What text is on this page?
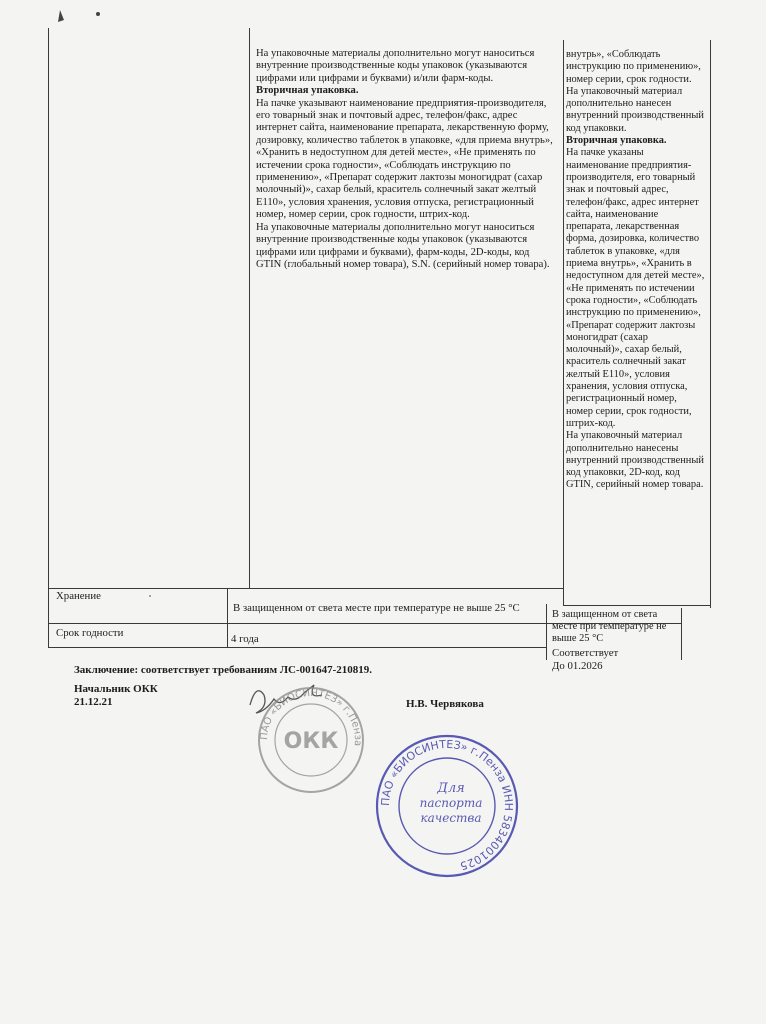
На упаковочные материалы дополнительно могут наноситься внутренние производственные коды упаковок (указываются цифрами или цифрами и буквами) и/или фарм-коды.

Вторичная упаковка.

На пачке указывают наименование предприятия-производителя, его товарный знак и почтовый адрес, телефон/факс, адрес интернет сайта, наименование препарата, лекарственную форму, дозировку, количество таблеток в упаковке, «для приема внутрь», «Хранить в недоступном для детей месте», «Не применять по истечении срока годности», «Соблюдать инструкцию по применению», «Препарат содержит лактозы моногидрат (сахар молочный)», сахар белый, краситель солнечный закат желтый Е110», условия хранения, условия отпуска, регистрационный номер, номер серии, срок годности, штрих-код.

На упаковочные материалы дополнительно могут наноситься внутренние производственные коды упаковок (указываются цифрами или цифрами и буквами), фарм-коды, 2D-коды, код GTIN (глобальный номер товара), S.N. (серийный номер товара).

внутрь», «Соблюдать инструкцию по применению», номер серии, срок годности.

На упаковочный материал дополнительно нанесен внутренний производственный код упаковки.

Вторичная упаковка.

На пачке указаны наименование предприятия-производителя, его товарный знак и почтовый адрес, телефон/факс, адрес интернет сайта, наименование препарата, лекарственная форма, дозировка, количество таблеток в упаковке, «для приема внутрь», «Хранить в недоступном для детей месте», «Не применять по истечении срока годности», «Соблюдать инструкцию по применению», «Препарат содержит лактозы моногидрат (сахар молочный)», сахар белый, краситель солнечный закат желтый Е110», условия хранения, условия отпуска, регистрационный номер, номер серии, срок годности, штрих-код.

На упаковочный материал дополнительно нанесены внутренний производственный код упаковки, 2D-код, код GTIN, серийный номер товара.

Хранение
В защищенном от света месте при температуре не выше 25 °С
В защищенном от света месте при температуре не выше 25 °С
Срок годности	4 года
Соответствует
До 01.2026
Заключение: соответствует требованиям ЛС-001647-210819.
Начальник ОКК
21.12.21	Н.В. Червякова
ПАО «БИОСИНТЕЗ» г.Пенза
ОКК
ПАО «БИОСИНТЕЗ» г.Пенза ИНН 5834001025
Для
паспорта
качества
